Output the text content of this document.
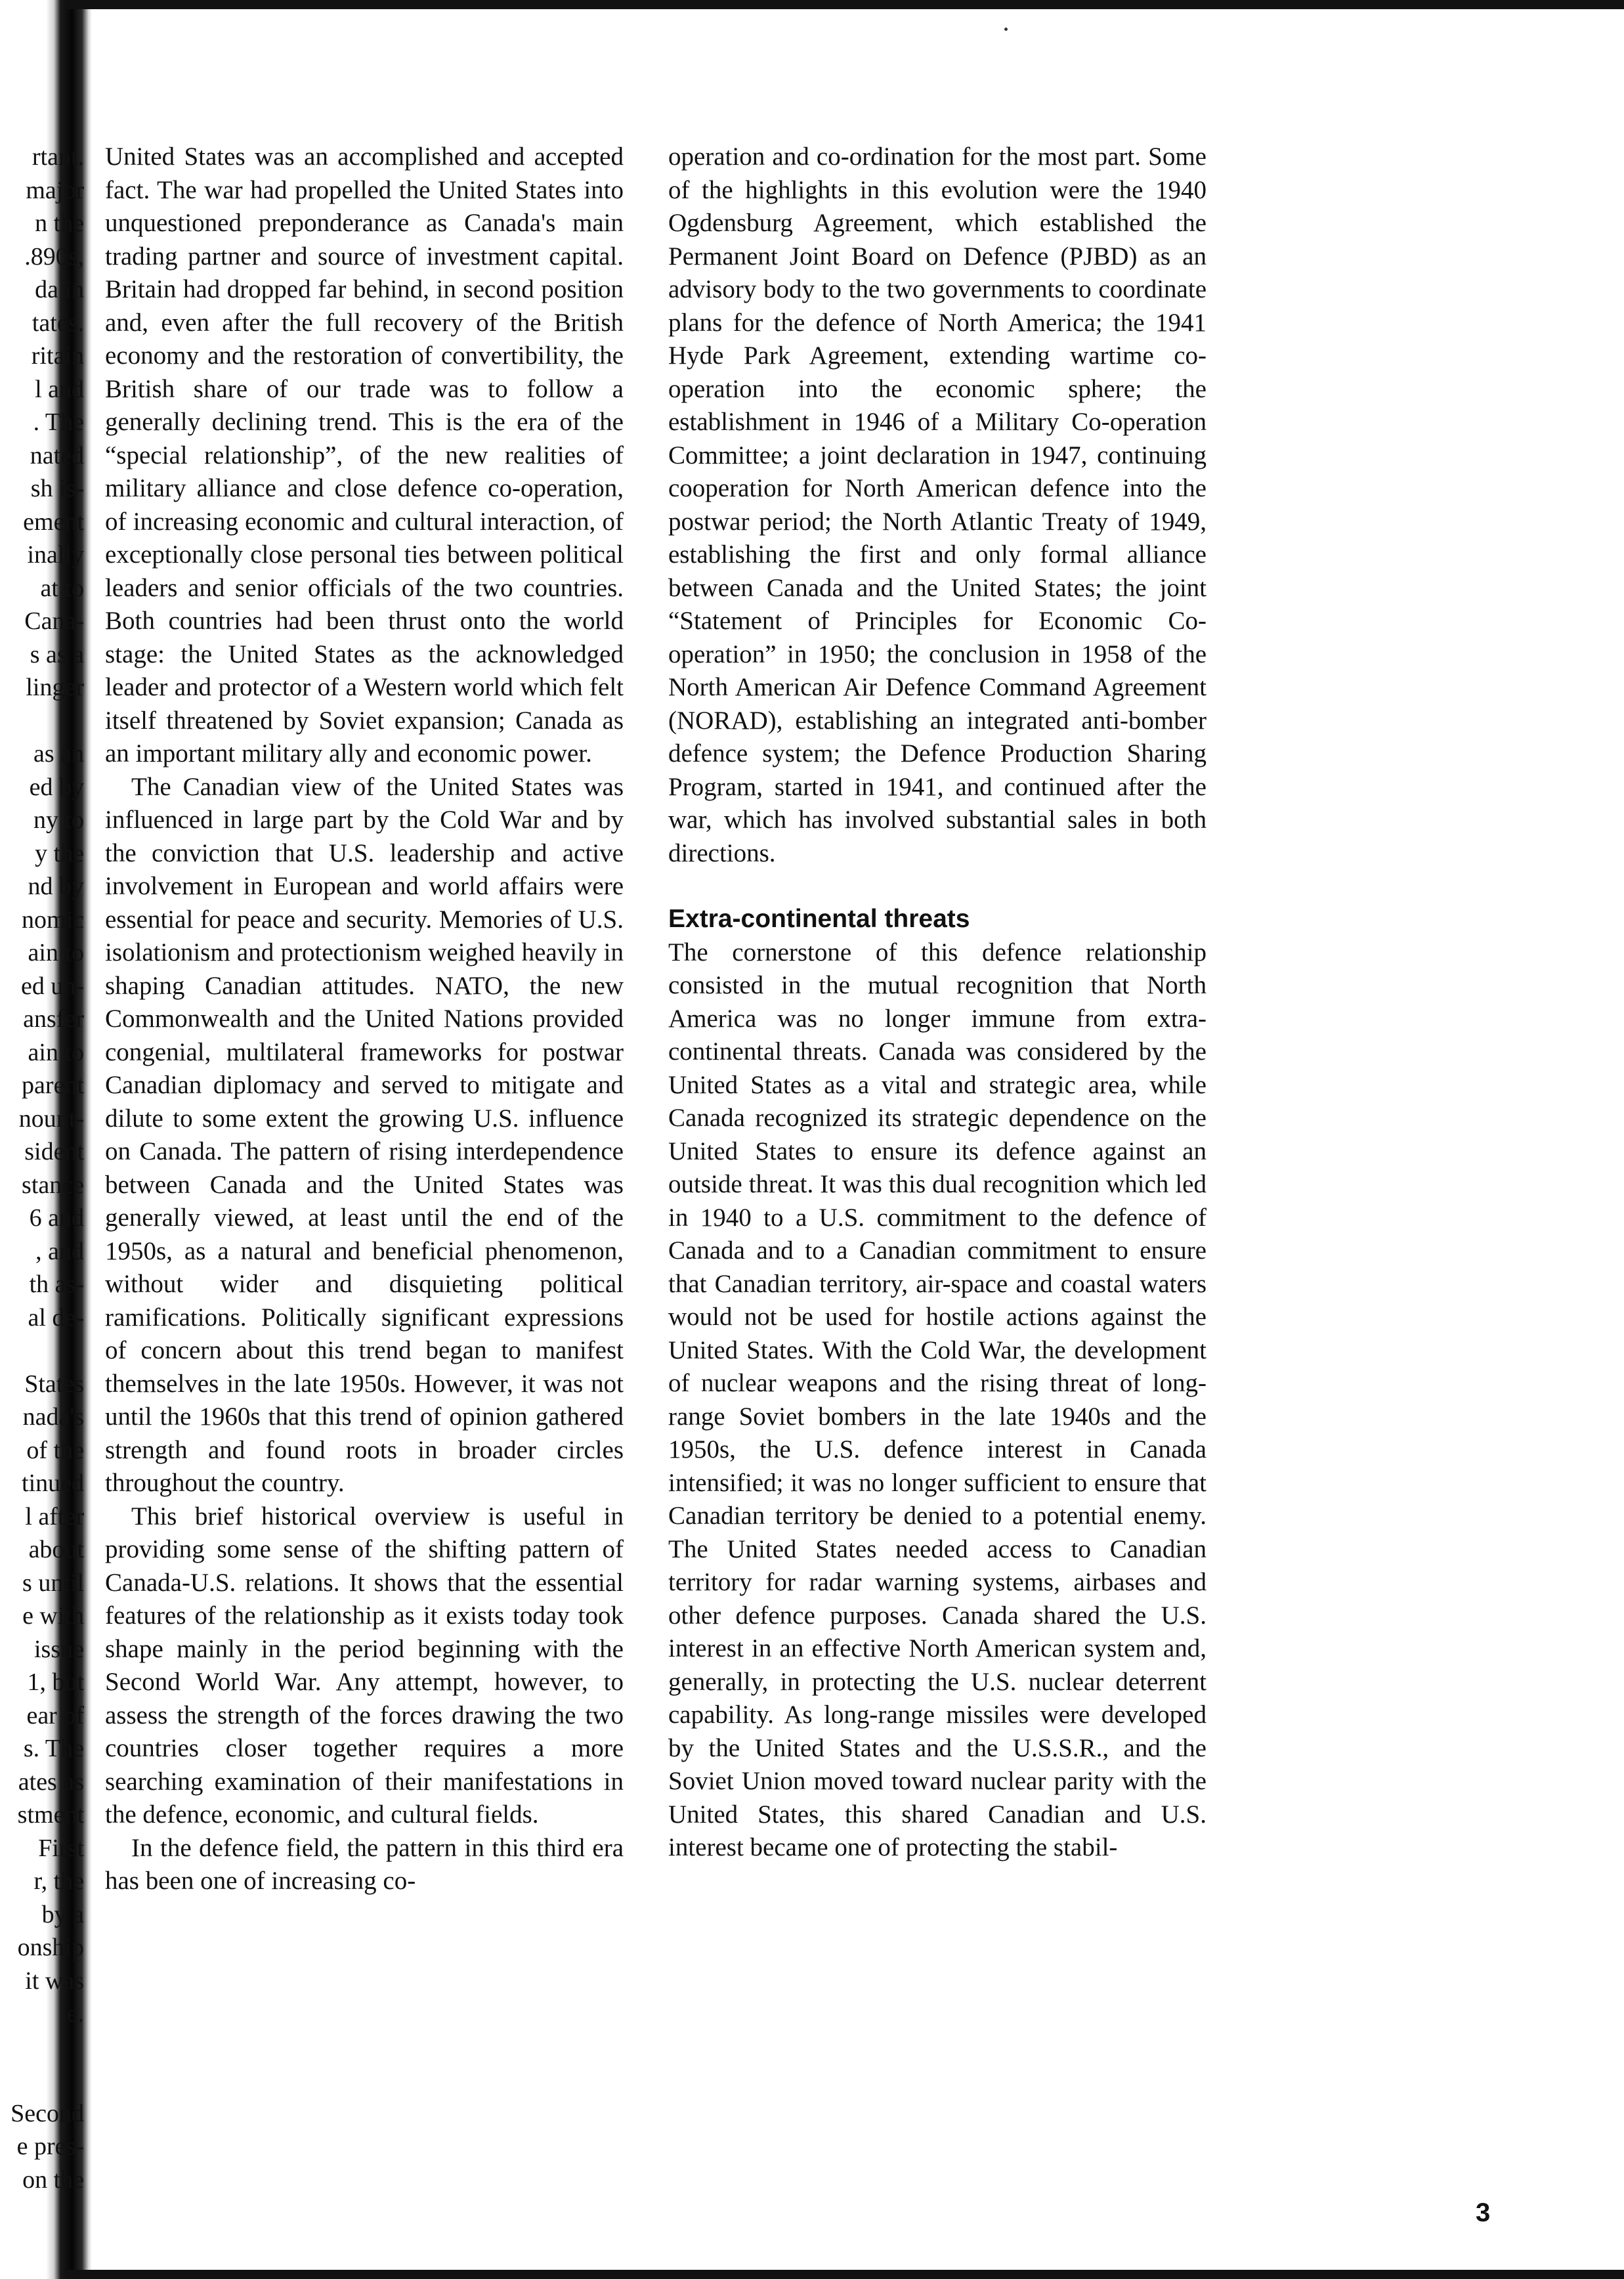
rtant.
major
n the
.890s,
da in
tates.
ritain
l and
. The
nated
sh is-
ement
inally
at to
Cana-
s as a
linger
as an
ed by
ny to
y the
nd by
nomic
ain to
ed un-
ansfer
ain to
parent
nount-
sident
stance
6 and
, and
th as-
al de-
States
nada's
of the
tinued
l after
about
s until
e with
issue
1, but
ear of
s. The
ates as
stment
First
r, the
by a
onship
it was
e.
Second
e pres-
on the

United States was an accomplished and accepted fact. The war had propelled the United States into unquestioned preponderance as Canada's main trading partner and source of investment capital. Britain had dropped far behind, in second position and, even after the full recovery of the British economy and the restoration of convertibility, the British share of our trade was to follow a generally declining trend. This is the era of the “special relationship”, of the new realities of military alliance and close defence co-operation, of increasing economic and cultural interaction, of exceptionally close personal ties between political leaders and senior officials of the two countries. Both countries had been thrust onto the world stage: the United States as the acknowledged leader and protector of a Western world which felt itself threatened by Soviet expansion; Canada as an important military ally and economic power.

The Canadian view of the United States was influenced in large part by the Cold War and by the conviction that U.S. leadership and active involvement in European and world affairs were essential for peace and security. Memories of U.S. isolationism and protectionism weighed heavily in shaping Canadian attitudes. NATO, the new Commonwealth and the United Nations provided congenial, multilateral frameworks for postwar Canadian diplomacy and served to mitigate and dilute to some extent the growing U.S. influence on Canada. The pattern of rising interdependence between Canada and the United States was generally viewed, at least until the end of the 1950s, as a natural and beneficial phenomenon, without wider and disquieting political ramifications. Politically significant expressions of concern about this trend began to manifest themselves in the late 1950s. However, it was not until the 1960s that this trend of opinion gathered strength and found roots in broader circles throughout the country.

This brief historical overview is useful in providing some sense of the shifting pattern of Canada-U.S. relations. It shows that the essential features of the relationship as it exists today took shape mainly in the period beginning with the Second World War. Any attempt, however, to assess the strength of the forces drawing the two countries closer together requires a more searching examination of their manifestations in the defence, economic, and cultural fields.

In the defence field, the pattern in this third era has been one of increasing co-

operation and co-ordination for the most part. Some of the highlights in this evolution were the 1940 Ogdensburg Agreement, which established the Permanent Joint Board on Defence (PJBD) as an advisory body to the two governments to coordinate plans for the defence of North America; the 1941 Hyde Park Agreement, extending wartime co-operation into the economic sphere; the establishment in 1946 of a Military Co-operation Committee; a joint declaration in 1947, continuing cooperation for North American defence into the postwar period; the North Atlantic Treaty of 1949, establishing the first and only formal alliance between Canada and the United States; the joint “Statement of Principles for Economic Co-operation” in 1950; the conclusion in 1958 of the North American Air Defence Command Agreement (NORAD), establishing an integrated anti-bomber defence system; the Defence Production Sharing Program, started in 1941, and continued after the war, which has involved substantial sales in both directions.

Extra-continental threats

The cornerstone of this defence relationship consisted in the mutual recognition that North America was no longer immune from extra-continental threats. Canada was considered by the United States as a vital and strategic area, while Canada recognized its strategic dependence on the United States to ensure its defence against an outside threat. It was this dual recognition which led in 1940 to a U.S. commitment to the defence of Canada and to a Canadian commitment to ensure that Canadian territory, air-space and coastal waters would not be used for hostile actions against the United States. With the Cold War, the development of nuclear weapons and the rising threat of long-range Soviet bombers in the late 1940s and the 1950s, the U.S. defence interest in Canada intensified; it was no longer sufficient to ensure that Canadian territory be denied to a potential enemy. The United States needed access to Canadian territory for radar warning systems, airbases and other defence purposes. Canada shared the U.S. interest in an effective North American system and, generally, in protecting the U.S. nuclear deterrent capability. As long-range missiles were developed by the United States and the U.S.S.R., and the Soviet Union moved toward nuclear parity with the United States, this shared Canadian and U.S. interest became one of protecting the stabil-

3
